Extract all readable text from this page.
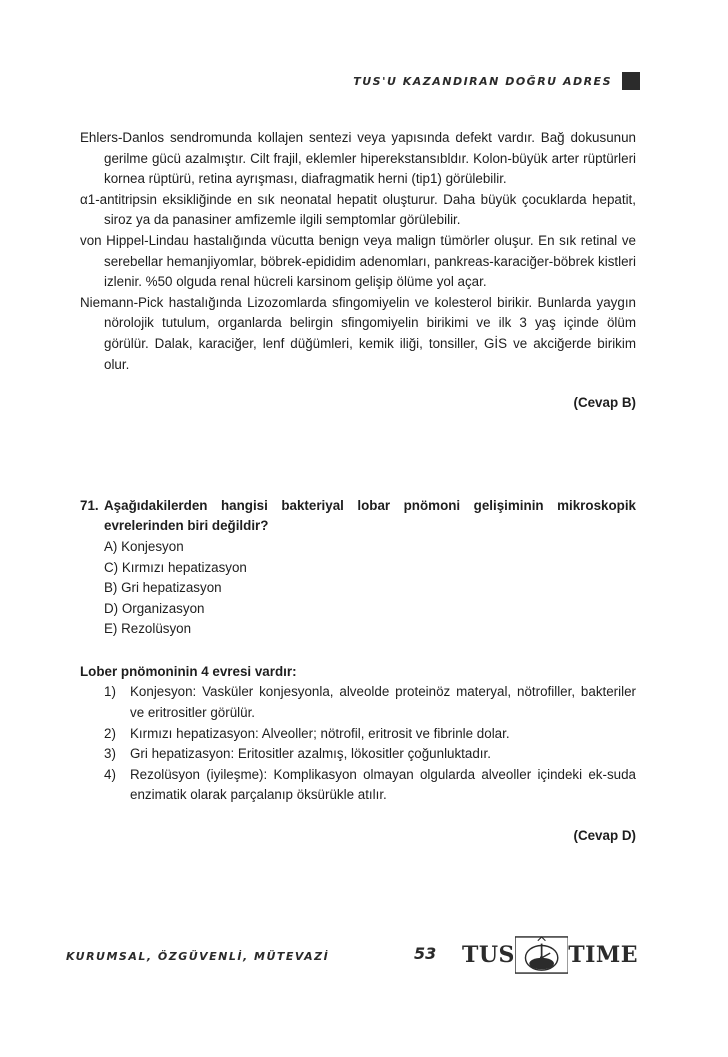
TUS'U KAZANDIRAN DOĞRU ADRES

Ehlers-Danlos sendromunda kollajen sentezi veya yapısında defekt vardır. Bağ dokusunun gerilme gücü azalmıştır. Cilt frajil, eklemler hiperekstansıbldır. Kolon-büyük arter rüptürleri kornea rüptürü, retina ayrışması, diafragmatik herni (tip1) görülebilir.

α1-antitripsin eksikliğinde en sık neonatal hepatit oluşturur. Daha büyük çocuklarda hepatit, siroz ya da panasiner amfizemle ilgili semptomlar görülebilir.

von Hippel-Lindau hastalığında vücutta benign veya malign tümörler oluşur. En sık retinal ve serebellar hemanjiyomlar, böbrek-epididim adenomları, pankreas-karaciğer-böbrek kistleri izlenir. %50 olguda renal hücreli karsinom gelişip ölüme yol açar.

Niemann-Pick hastalığında Lizozomlarda sfingomiyelin ve kolesterol birikir. Bunlarda yaygın nörolojik tutulum, organlarda belirgin sfingomiyelin birikimi ve ilk 3 yaş içinde ölüm görülür. Dalak, karaciğer, lenf düğümleri, kemik iliği, tonsiller, GİS ve akciğerde birikim olur.

(Cevap B)
71. Aşağıdakilerden hangisi bakteriyal lobar pnömoni gelişiminin mikroskopik evrelerinden biri değildir?
A) Konjesyon
C) Kırmızı hepatizasyon
B) Gri hepatizasyon
D) Organizasyon
E) Rezolüsyon
Lober pnömoninin 4 evresi vardır:
1)	Konjesyon: Vasküler konjesyonla, alveolde proteinöz materyal, nötrofiller, bakteriler ve eritrositler görülür.
2)	Kırmızı hepatizasyon: Alveoller; nötrofil, eritrosit ve fibrinle dolar.
3)	Gri hepatizasyon: Eritositler azalmış, lökositler çoğunluktadır.
4)	Rezolüsyon (iyileşme): Komplikasyon olmayan olgularda alveoller içindeki ek-suda enzimatik olarak parçalanıp öksürükle atılır.
(Cevap D)
KURUMSAL, ÖZGÜVENLİ, MÜTEVAZİ	53 TUS TIME
